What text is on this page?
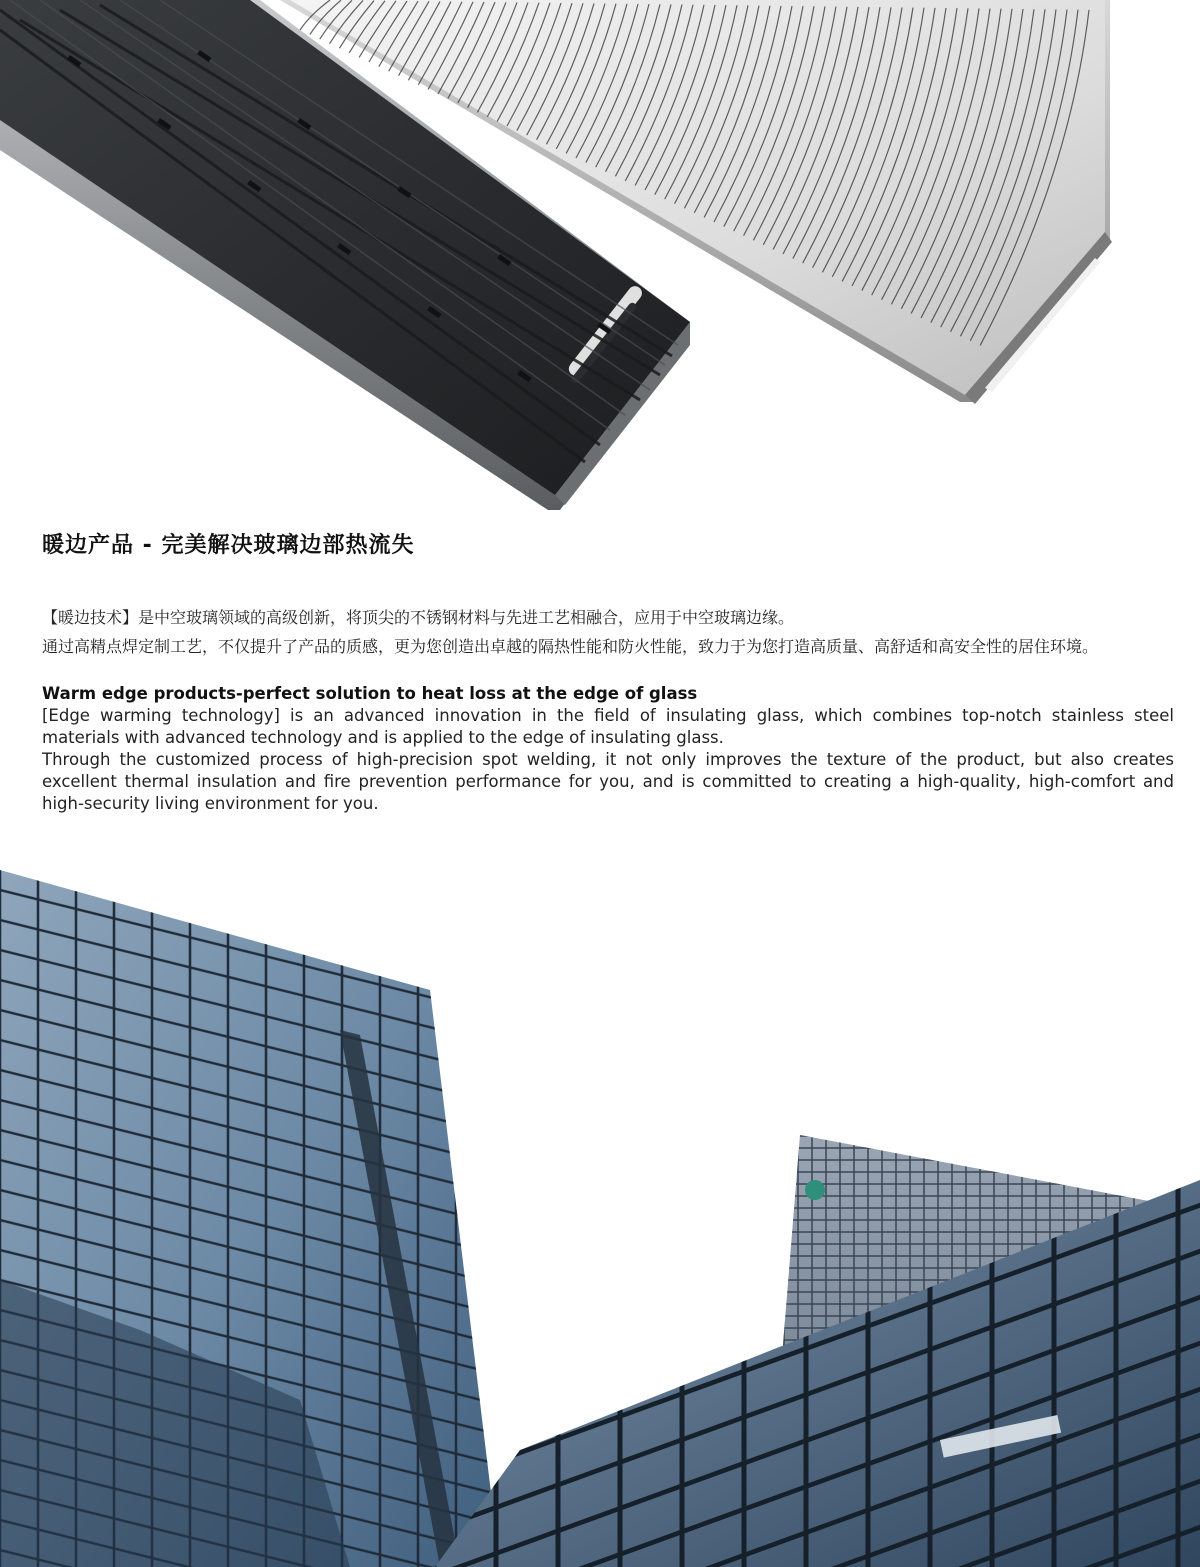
暖边产品 - 完美解决玻璃边部热流失

【暖边技术】是中空玻璃领域的高级创新，将顶尖的不锈钢材料与先进工艺相融合，应用于中空玻璃边缘。

通过高精点焊定制工艺，不仅提升了产品的质感，更为您创造出卓越的隔热性能和防火性能，致力于为您打造高质量、高舒适和高安全性的居住环境。

Warm edge products-perfect solution to heat loss at the edge of glass

[Edge warming technology] is an advanced innovation in the field of insulating glass, which combines top-notch stainless steel materials with advanced technology and is applied to the edge of insulating glass.

Through the customized process of high-precision spot welding, it not only improves the texture of the product, but also creates excellent thermal insulation and fire prevention performance for you, and is committed to creating a high-quality, high-comfort and high-security living environment for you.
